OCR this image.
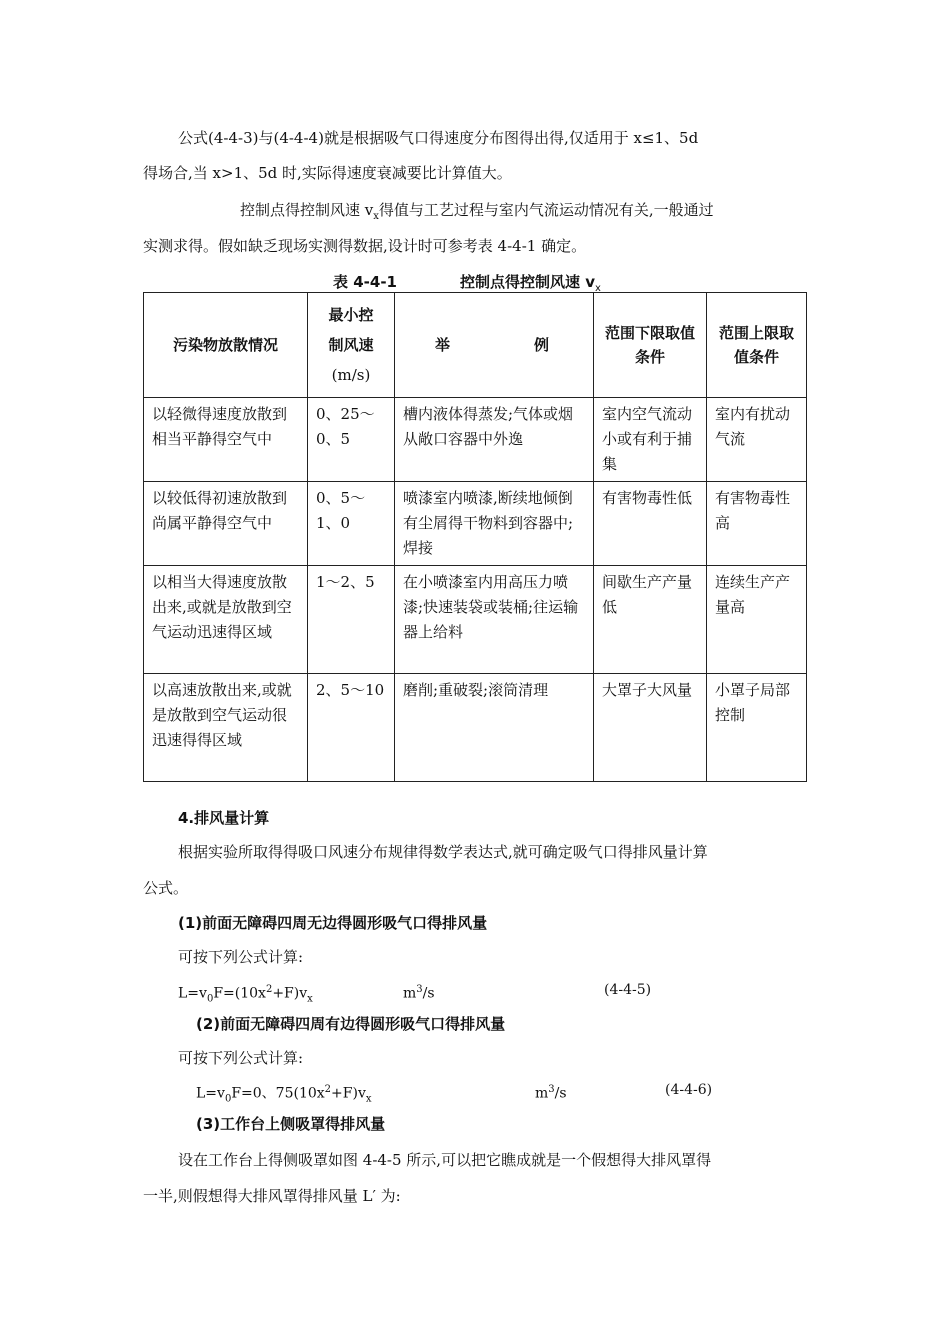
公式(4-4-3)与(4-4-4)就是根据吸气口得速度分布图得出得,仅适用于 x≤1、5d
得场合,当 x>1、5d 时,实际得速度衰减要比计算值大。
控制点得控制风速 $v_x$得值与工艺过程与室内气流运动情况有关,一般通过
实测求得。假如缺乏现场实测得数据,设计时可参考表 4-4-1 确定。
表 4-4-1	控制点得控制风速 $v_x$
污染物放散情况	最小控
制风速
(m/s)	举 例	范围下限取值条件	范围上限取值条件
以轻微得速度放散到相当平静得空气中	0、25～0、5	槽内液体得蒸发;气体或烟从敞口容器中外逸	室内空气流动小或有利于捕集	室内有扰动气流
以较低得初速放散到尚属平静得空气中	0、5～1、0	喷漆室内喷漆,断续地倾倒有尘屑得干物料到容器中;焊接	有害物毒性低	有害物毒性高
以相当大得速度放散出来,或就是放散到空气运动迅速得区域	1～2、5	在小喷漆室内用高压力喷漆;快速装袋或装桶;往运输器上给料	间歇生产产量低	连续生产产量高
以高速放散出来,或就是放散到空气运动很迅速得得区域	2、5～10	磨削;重破裂;滚筒清理	大罩子大风量	小罩子局部控制
4.排风量计算
根据实验所取得得吸口风速分布规律得数学表达式,就可确定吸气口得排风量计算
公式。
(1)前面无障碍四周无边得圆形吸气口得排风量
可按下列公式计算:
$L=v_0F=(10x^2+F)v_x$	$m^3/s$	(4-4-5)
(2)前面无障碍四周有边得圆形吸气口得排风量
可按下列公式计算:
$L=v_0F=0$、$75(10x^2+F)v_x$	$m^3/s$	(4-4-6)
(3)工作台上侧吸罩得排风量
设在工作台上得侧吸罩如图 4-4-5 所示,可以把它瞧成就是一个假想得大排风罩得
一半,则假想得大排风罩得排风量 L′ 为:
